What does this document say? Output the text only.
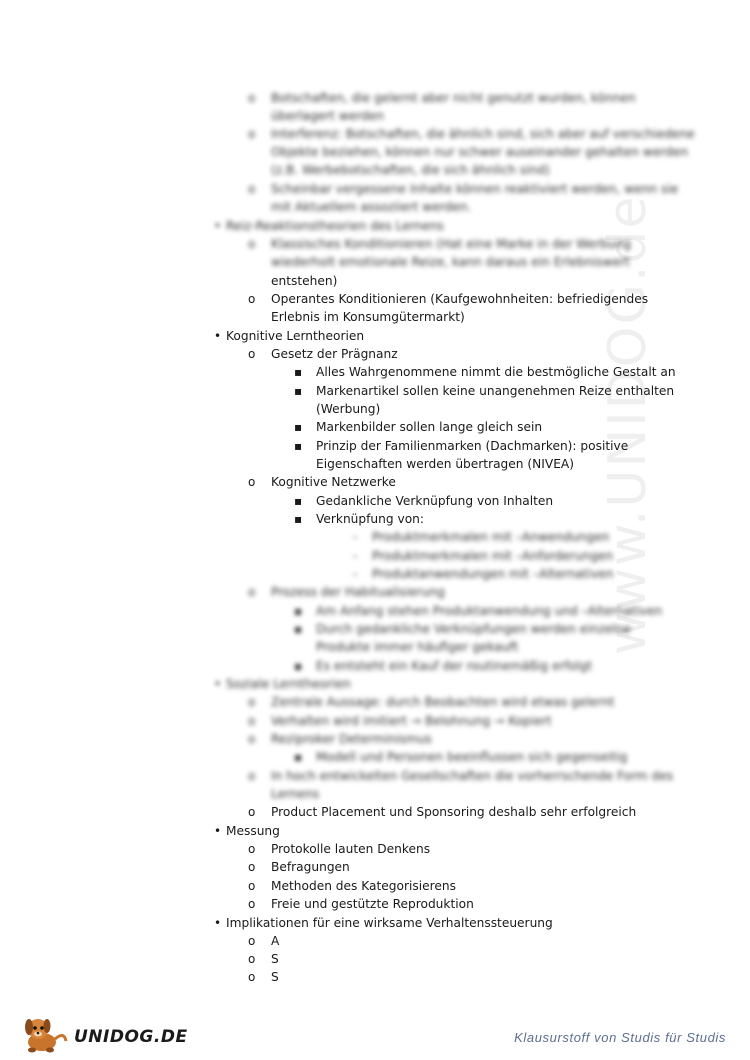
www.UNIDOG.de
o Botschaften, die gelernt aber nicht genutzt wurden, können
überlagert werden
o Interferenz: Botschaften, die ähnlich sind, sich aber auf verschiedene
Objekte beziehen, können nur schwer auseinander gehalten werden
(z.B. Werbebotschaften, die sich ähnlich sind)
o Scheinbar vergessene Inhalte können reaktiviert werden, wenn sie
mit Aktuellem assoziiert werden.
• Reiz-Reaktionstheorien des Lernens
o Klassisches Konditionieren (Hat eine Marke in der Werbung
wiederholt emotionale Reize, kann daraus ein Erlebniswert
entstehen)
o Operantes Konditionieren (Kaufgewohnheiten: befriedigendes
Erlebnis im Konsumgütermarkt)
• Kognitive Lerntheorien
o Gesetz der Prägnanz
▪ Alles Wahrgenommene nimmt die bestmögliche Gestalt an
▪ Markenartikel sollen keine unangenehmen Reize enthalten
(Werbung)
▪ Markenbilder sollen lange gleich sein
▪ Prinzip der Familienmarken (Dachmarken): positive
Eigenschaften werden übertragen (NIVEA)
o Kognitive Netzwerke
▪ Gedankliche Verknüpfung von Inhalten
▪ Verknüpfung von:
- Produktmerkmalen mit –Anwendungen
- Produktmerkmalen mit –Anforderungen
- Produktanwendungen mit –Alternativen
o Prozess der Habitualisierung
▪ Am Anfang stehen Produktanwendung und –Alternativen
▪ Durch gedankliche Verknüpfungen werden einzelne
Produkte immer häufiger gekauft
▪ Es entsteht ein Kauf der routinemäßig erfolgt
• Soziale Lerntheorien
o Zentrale Aussage: durch Beobachten wird etwas gelernt
o Verhalten wird imitiert → Belohnung → Kopiert
o Reziproker Determinismus
▪ Modell und Personen beeinflussen sich gegenseitig
o In hoch entwickelten Gesellschaften die vorherrschende Form des
Lernens
o Product Placement und Sponsoring deshalb sehr erfolgreich
• Messung
o Protokolle lauten Denkens
o Befragungen
o Methoden des Kategorisierens
o Freie und gestützte Reproduktion
• Implikationen für eine wirksame Verhaltenssteuerung
o A
o S
o S
UNIDOG.DE	Klausurstoff von Studis für Studis
